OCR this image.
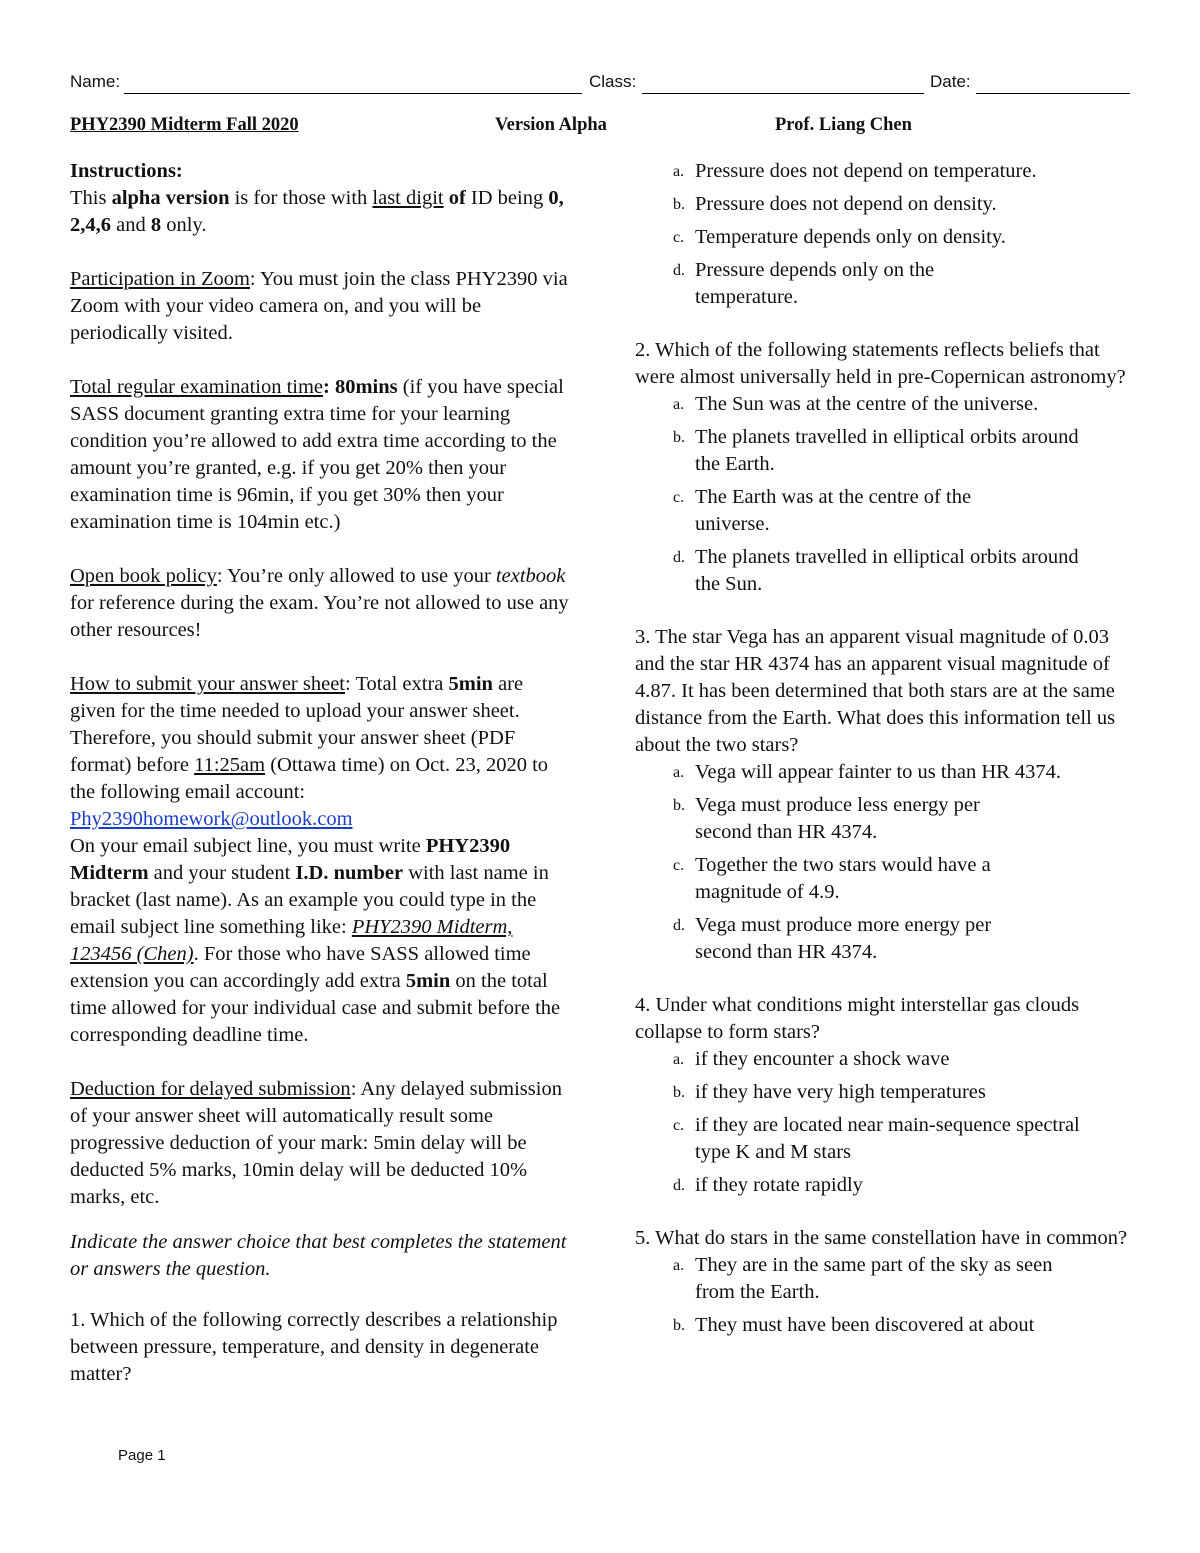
Name:	Class:	Date:
PHY2390 Midterm Fall 2020	Version Alpha	Prof. Liang Chen

Instructions:

This alpha version is for those with last digit of ID being 0, 2,4,6 and 8 only.

Participation in Zoom: You must join the class PHY2390 via Zoom with your video camera on, and you will be periodically visited.

Total regular examination time: 80mins (if you have special SASS document granting extra time for your learning condition you’re allowed to add extra time according to the amount you’re granted, e.g. if you get 20% then your examination time is 96min, if you get 30% then your examination time is 104min etc.)

Open book policy: You’re only allowed to use your textbook for reference during the exam. You’re not allowed to use any other resources!

How to submit your answer sheet: Total extra 5min are given for the time needed to upload your answer sheet. Therefore, you should submit your answer sheet (PDF format) before 11:25am (Ottawa time) on Oct. 23, 2020 to the following email account:
Phy2390homework@outlook.com
On your email subject line, you must write PHY2390 Midterm and your student I.D. number with last name in bracket (last name). As an example you could type in the email subject line something like: PHY2390 Midterm, 123456 (Chen). For those who have SASS allowed time extension you can accordingly add extra 5min on the total time allowed for your individual case and submit before the corresponding deadline time.

Deduction for delayed submission: Any delayed submission of your answer sheet will automatically result some progressive deduction of your mark: 5min delay will be deducted 5% marks, 10min delay will be deducted 10% marks, etc.

Indicate the answer choice that best completes the statement or answers the question.

1. Which of the following correctly describes a relationship between pressure, temperature, and density in degenerate matter?

a. Pressure does not depend on temperature.
b. Pressure does not depend on density.
c. Temperature depends only on density.
d. Pressure depends only on the temperature.

2. Which of the following statements reflects beliefs that were almost universally held in pre-Copernican astronomy?

a. The Sun was at the centre of the universe.
b. The planets travelled in elliptical orbits around the Earth.
c. The Earth was at the centre of the universe.
d. The planets travelled in elliptical orbits around the Sun.

3. The star Vega has an apparent visual magnitude of 0.03 and the star HR 4374 has an apparent visual magnitude of 4.87. It has been determined that both stars are at the same distance from the Earth. What does this information tell us about the two stars?

a. Vega will appear fainter to us than HR 4374.
b. Vega must produce less energy per second than HR 4374.
c. Together the two stars would have a magnitude of 4.9.
d. Vega must produce more energy per second than HR 4374.

4. Under what conditions might interstellar gas clouds collapse to form stars?

a. if they encounter a shock wave
b. if they have very high temperatures
c. if they are located near main-sequence spectral type K and M stars
d. if they rotate rapidly

5. What do stars in the same constellation have in common?

a. They are in the same part of the sky as seen from the Earth.
b. They must have been discovered at about
Page 1
